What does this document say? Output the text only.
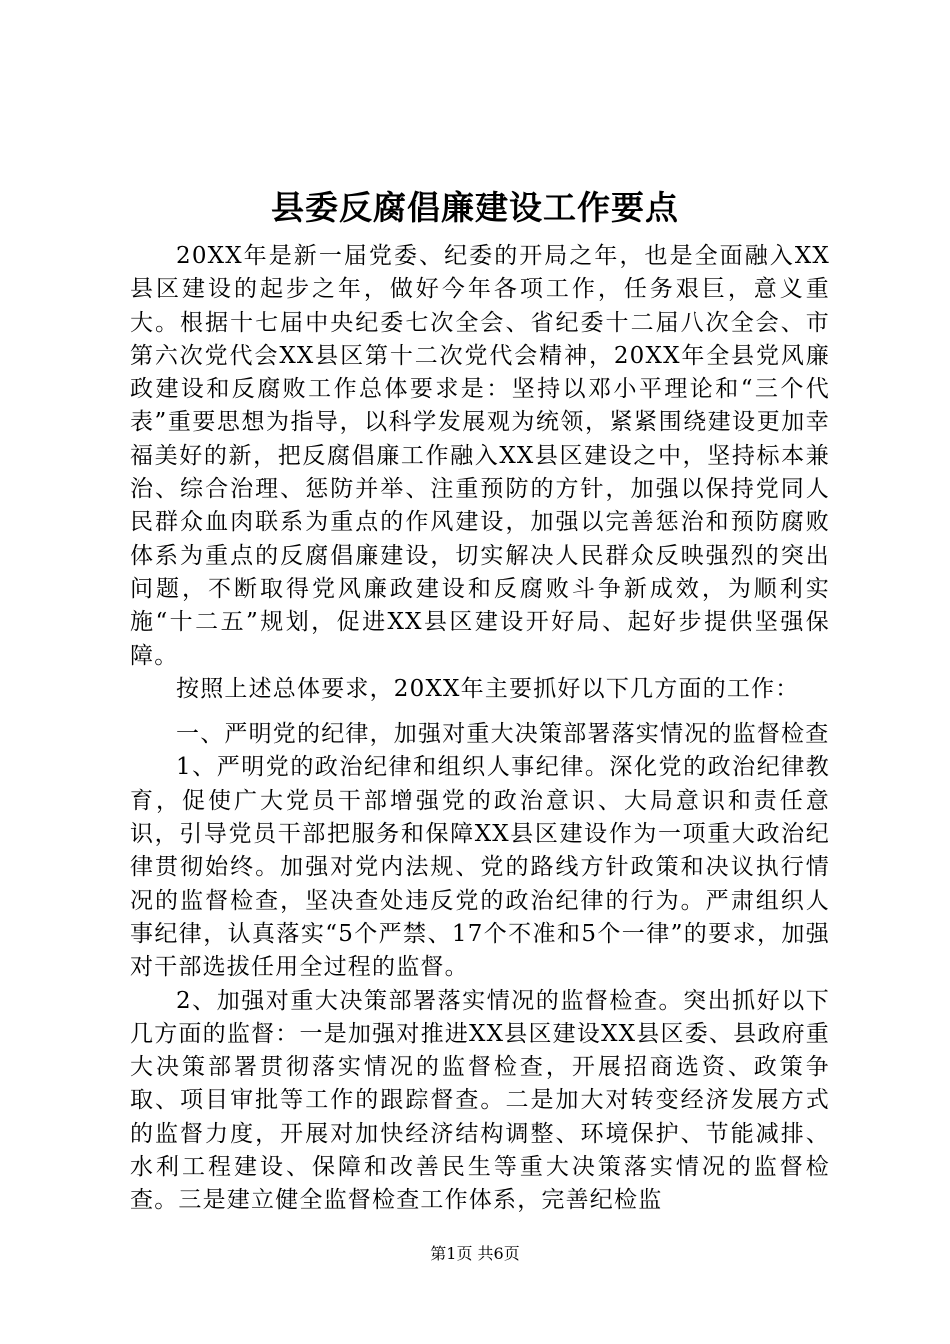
县委反腐倡廉建设工作要点

20XX年是新一届党委、纪委的开局之年，也是全面融入XX县区建设的起步之年，做好今年各项工作，任务艰巨，意义重大。根据十七届中央纪委七次全会、省纪委十二届八次全会、市第六次党代会XX县区第十二次党代会精神，20XX年全县党风廉政建设和反腐败工作总体要求是：坚持以邓小平理论和“三个代表”重要思想为指导，以科学发展观为统领，紧紧围绕建设更加幸福美好的新，把反腐倡廉工作融入XX县区建设之中，坚持标本兼治、综合治理、惩防并举、注重预防的方针，加强以保持党同人民群众血肉联系为重点的作风建设，加强以完善惩治和预防腐败体系为重点的反腐倡廉建设，切实解决人民群众反映强烈的突出问题，不断取得党风廉政建设和反腐败斗争新成效，为顺利实施“十二五”规划，促进XX县区建设开好局、起好步提供坚强保障。

按照上述总体要求，20XX年主要抓好以下几方面的工作：

一、严明党的纪律，加强对重大决策部署落实情况的监督检查

1、严明党的政治纪律和组织人事纪律。深化党的政治纪律教育，促使广大党员干部增强党的政治意识、大局意识和责任意识，引导党员干部把服务和保障XX县区建设作为一项重大政治纪律贯彻始终。加强对党内法规、党的路线方针政策和决议执行情况的监督检查，坚决查处违反党的政治纪律的行为。严肃组织人事纪律，认真落实“5个严禁、17个不准和5个一律”的要求，加强对干部选拔任用全过程的监督。

2、加强对重大决策部署落实情况的监督检查。突出抓好以下几方面的监督：一是加强对推进XX县区建设XX县区委、县政府重大决策部署贯彻落实情况的监督检查，开展招商选资、政策争取、项目审批等工作的跟踪督查。二是加大对转变经济发展方式的监督力度，开展对加快经济结构调整、环境保护、节能减排、水利工程建设、保障和改善民生等重大决策落实情况的监督检查。三是建立健全监督检查工作体系，完善纪检监

第1页 共6页
